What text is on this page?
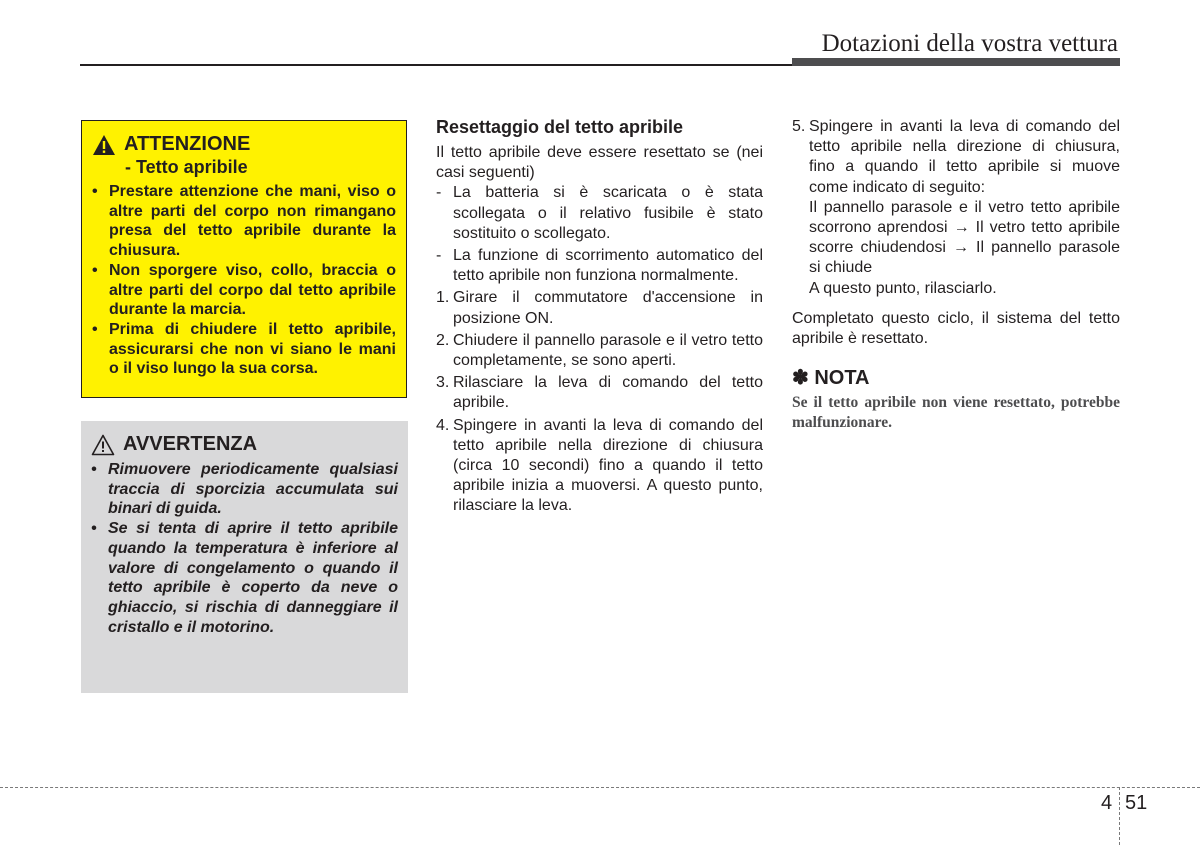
Dotazioni della vostra vettura
ATTENZIONE
- Tetto apribile
• Prestare attenzione che mani, viso o altre parti del corpo non rimangano presa del tetto apribile durante la chiusura.
• Non sporgere viso, collo, braccia o altre parti del corpo dal tetto apribile durante la marcia.
• Prima di chiudere il tetto apribile, assicurarsi che non vi siano le mani o il viso lungo la sua corsa.
AVVERTENZA
• Rimuovere periodicamente qualsiasi traccia di sporcizia accumulata sui binari di guida.
• Se si tenta di aprire il tetto apribile quando la temperatura è inferiore al valore di congelamento o quando il tetto apribile è coperto da neve o ghiaccio, si rischia di danneggiare il cristallo e il motorino.
Resettaggio del tetto apribile

Il tetto apribile deve essere resettato se (nei casi seguenti)

- La batteria si è scaricata o è stata scollegata o il relativo fusibile è stato sostituito o scollegato.
- La funzione di scorrimento automatico del tetto apribile non funziona normalmente.
1. Girare il commutatore d'accensione in posizione ON.
2. Chiudere il pannello parasole e il vetro tetto completamente, se sono aperti.
3. Rilasciare la leva di comando del tetto apribile.
4. Spingere in avanti la leva di comando del tetto apribile nella direzione di chiusura (circa 10 secondi) fino a quando il tetto apribile inizia a muoversi. A questo punto, rilasciare la leva.
5. Spingere in avanti la leva di comando del tetto apribile nella direzione di chiusura, fino a quando il tetto apribile si muove come indicato di seguito:

Il pannello parasole e il vetro tetto apribile scorrono aprendosi → Il vetro tetto apribile scorre chiudendosi → Il pannello parasole si chiude

A questo punto, rilasciarlo.

Completato questo ciclo, il sistema del tetto apribile è resettato.

✽ NOTA
Se il tetto apribile non viene resettato, potrebbe malfunzionare.
4 51
